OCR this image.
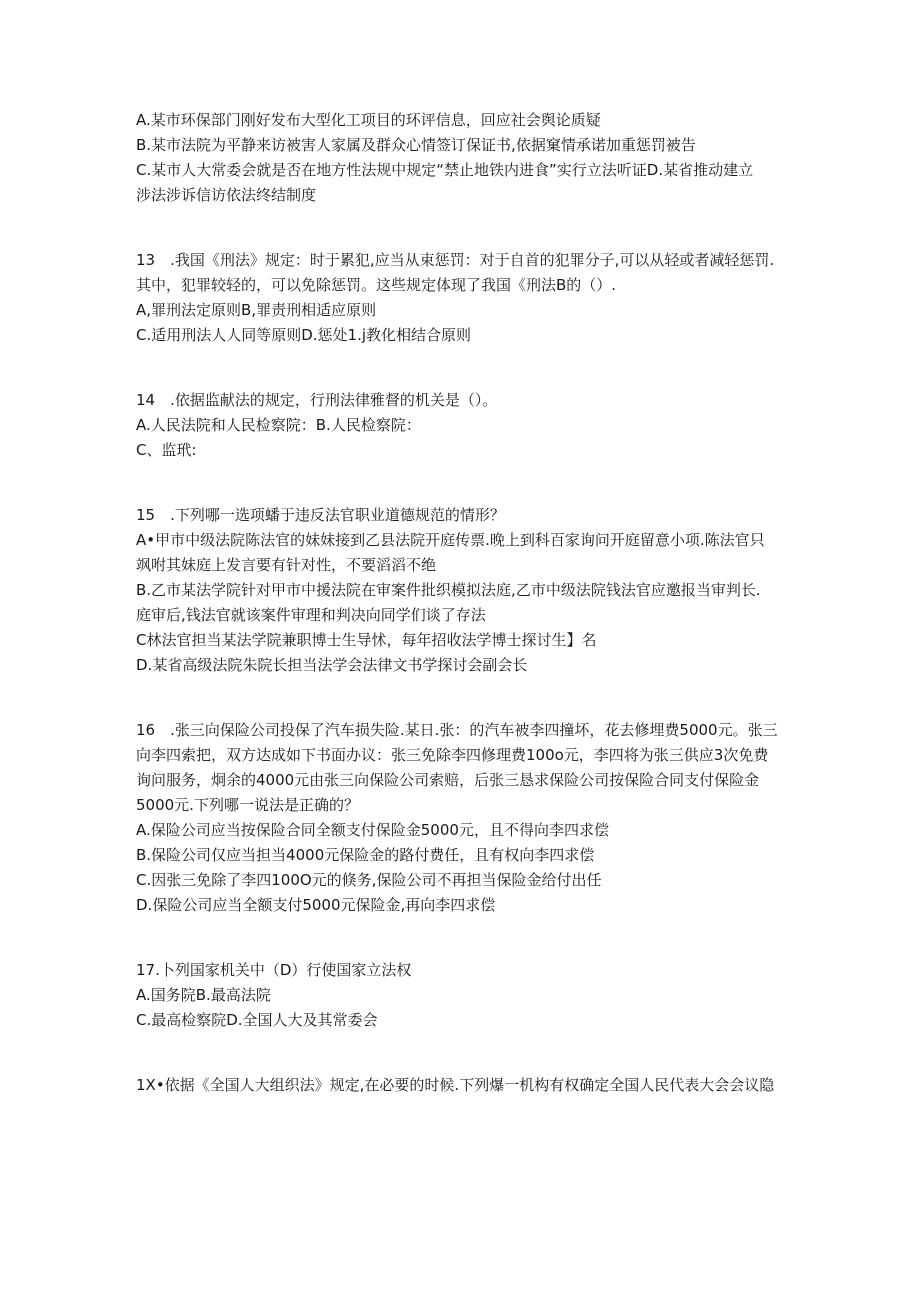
A.某市环保部门刚好发布大型化工项目的环评信息，回应社会舆论质疑
B.某市法院为平静来访被害人家属及群众心情签订保证书,依据窠情承诺加重惩罚被告
C.某市人大常委会就是否在地方性法规中规定“禁止地铁内进食”实行立法听证D.某省推动建立
涉法涉诉信访依法终结制度
13　.我国《刑法》规定：时于累犯,应当从束惩罚：对于自首的犯罪分子,可以从轻或者减轻惩罚.
其中，犯罪较轻的，可以免除惩罚。这些规定体现了我国《刑法B的（）.
A,罪刑法定原则B,罪责刑相适应原则
C.适用刑法人人同等原则D.惩处1.j教化相结合原则
14　.依据监献法的规定，行刑法律雅督的机关是（）。
A.人民法院和人民检察院：B.人民检察院：
C、监玳:
15　.下列哪一选项蟠于违反法官职业道德规范的情形？
A•甲市中级法院陈法官的妹妹接到乙县法院开庭传票.晚上到科百家询问开庭留意小项.陈法官只
飒咐其妹庭上发言要有针对性，不要滔滔不绝
B.乙市某法学院针对甲市中援法院在审案件批织模拟法庭,乙市中级法院钱法官应邀报当审判长.
庭审后,钱法官就该案件审理和判决向同学们谈了存法
C林法官担当某法学院兼职博士生导怵，每年招收法学博士探讨生】名
D.某省高级法院朱院长担当法学会法律文书学探讨会副会长
16　.张三向保险公司投保了汽车损失险.某日.张：的汽车被李四撞坏，花去修埋费5000元。张三
向李四索把，双方达成如下书面办议：张三免除李四修理费100o元，李四将为张三供应3次免费
询问服务，炯余的4000元由张三向保险公司索赔，后张三恳求保险公司按保险合同支付保险金
5000元.下列哪一说法是正确的？
A.保险公司应当按保险合同全额支付保险金5000元，且不得向李四求偿
B.保险公司仅应当担当4000元保险金的路付费任，且有权向李四求偿
C.因张三免除了李四100O元的倏务,保险公司不再担当保险金给付出任
D.保险公司应当全额支付5000元保险金,再向李四求偿
17.卜列国家机关中（D）行使国家立法权
A.国务院B.最高法院
C.最高检察院D.全国人大及其常委会
1X•依据《全国人大组织法》规定,在必要的时候.下列爆一机构有权确定全国人民代表大会会议隐
